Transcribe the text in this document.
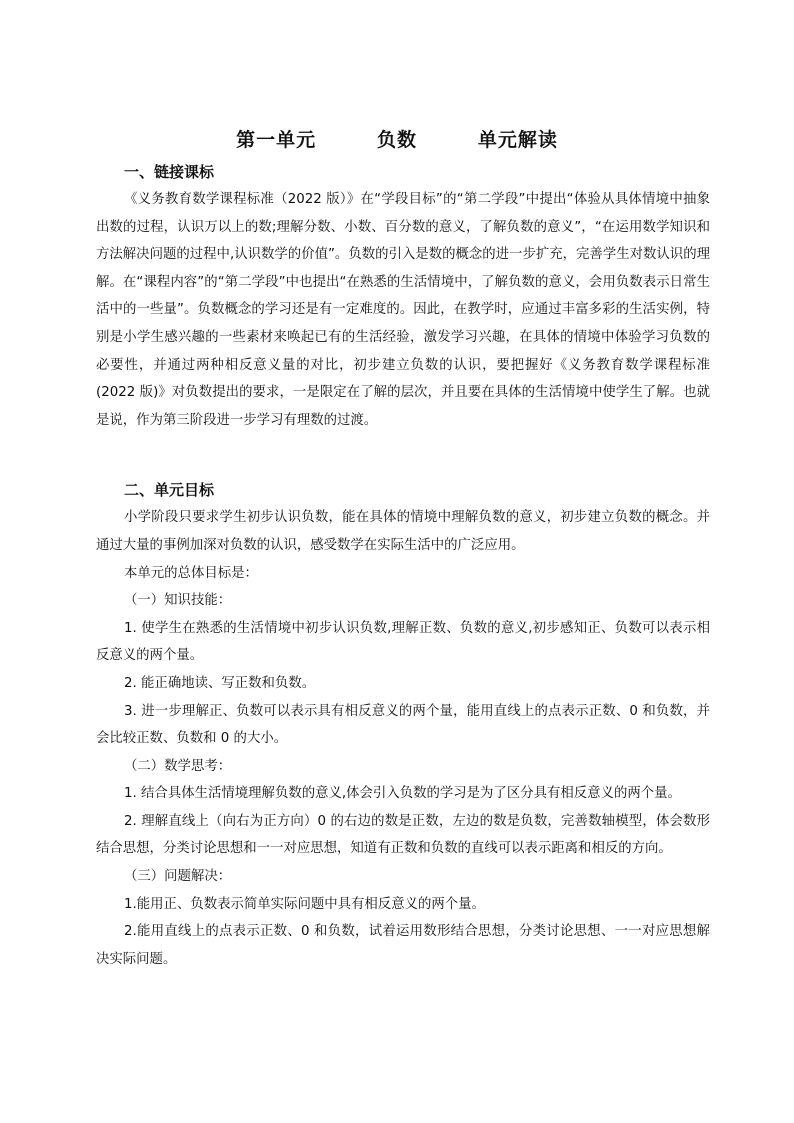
第一单元        负数        单元解读
一、链接课标

《义务教育数学课程标准（2022 版）》在“学段目标”的“第二学段”中提出“体验从具体情境中抽象出数的过程，认识万以上的数;理解分数、小数、百分数的意义，了解负数的意义”，“在运用数学知识和方法解决问题的过程中,认识数学的价值”。负数的引入是数的概念的进一步扩充，完善学生对数认识的理解。在“课程内容”的“第二学段”中也提出“在熟悉的生活情境中，了解负数的意义，会用负数表示日常生活中的一些量”。负数概念的学习还是有一定难度的。因此，在教学时，应通过丰富多彩的生活实例，特别是小学生感兴趣的一些素材来唤起已有的生活经验，激发学习兴趣，在具体的情境中体验学习负数的必要性，并通过两种相反意义量的对比，初步建立负数的认识，要把握好《义务教育数学课程标准(2022 版)》对负数提出的要求，一是限定在了解的层次，并且要在具体的生活情境中使学生了解。也就是说，作为第三阶段进一步学习有理数的过渡。

二、单元目标

小学阶段只要求学生初步认识负数，能在具体的情境中理解负数的意义，初步建立负数的概念。并通过大量的事例加深对负数的认识，感受数学在实际生活中的广泛应用。

本单元的总体目标是：

（一）知识技能：

1. 使学生在熟悉的生活情境中初步认识负数,理解正数、负数的意义,初步感知正、负数可以表示相反意义的两个量。

2. 能正确地读、写正数和负数。

3. 进一步理解正、负数可以表示具有相反意义的两个量，能用直线上的点表示正数、0 和负数，并会比较正数、负数和 0 的大小。

（二）数学思考：

1. 结合具体生活情境理解负数的意义,体会引入负数的学习是为了区分具有相反意义的两个量。

2. 理解直线上（向右为正方向）0 的右边的数是正数，左边的数是负数，完善数轴模型，体会数形结合思想，分类讨论思想和一一对应思想，知道有正数和负数的直线可以表示距离和相反的方向。

（三）问题解决：

1.能用正、负数表示简单实际问题中具有相反意义的两个量。

2.能用直线上的点表示正数、0 和负数，试着运用数形结合思想，分类讨论思想、一一对应思想解决实际问题。
